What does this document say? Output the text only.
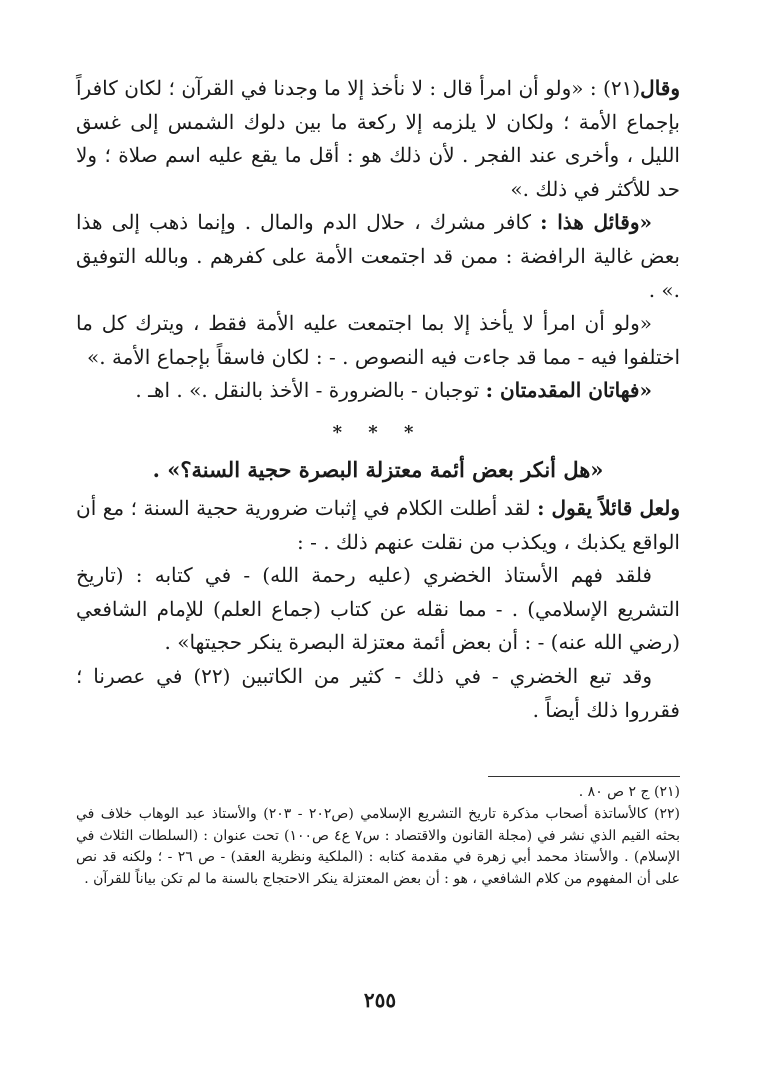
وقال(٢١) : «ولو أن امرأ قال : لا نأخذ إلا ما وجدنا في القرآن ؛ لكان كافراً بإجماع الأمة ؛ ولكان لا يلزمه إلا ركعة ما بين دلوك الشمس إلى غسق الليل ، وأخرى عند الفجر . لأن ذلك هو : أقل ما يقع عليه اسم صلاة ؛ ولا حد للأكثر في ذلك .»

«وقائل هذا : كافر مشرك ، حلال الدم والمال . وإنما ذهب إلى هذا بعض غالية الرافضة : ممن قد اجتمعت الأمة على كفرهم . وبالله التوفيق .» .

«ولو أن امرأ لا يأخذ إلا بما اجتمعت عليه الأمة فقط ، ويترك كل ما اختلفوا فيه - مما قد جاءت فيه النصوص . - : لكان فاسقاً بإجماع الأمة .»

«فهاتان المقدمتان : توجبان - بالضرورة - الأخذ بالنقل .» . اهـ .

* * *
«هل أنكر بعض أئمة معتزلة البصرة حجية السنة؟» .

ولعل قائلاً يقول : لقد أطلت الكلام في إثبات ضرورية حجية السنة ؛ مع أن الواقع يكذبك ، ويكذب من نقلت عنهم ذلك . - :

فلقد فهم الأستاذ الخضري (عليه رحمة الله) - في كتابه : (تاريخ التشريع الإسلامي) . - مما نقله عن كتاب (جماع العلم) للإمام الشافعي (رضي الله عنه) - : أن بعض أئمة معتزلة البصرة ينكر حجيتها» .

وقد تبع الخضري - في ذلك - كثير من الكاتبين (٢٢) في عصرنا ؛ فقرروا ذلك أيضاً .

(٢١) ج ٢ ص ٨٠ .

(٢٢) كالأساتذة أصحاب مذكرة تاريخ التشريع الإسلامي (ص٢٠٢ - ٢٠٣) والأستاذ عبد الوهاب خلاف في بحثه القيم الذي نشر في (مجلة القانون والاقتصاد : س٧ ع٤ ص١٠٠) تحت عنوان : (السلطات الثلاث في الإسلام) . والأستاذ محمد أبي زهرة في مقدمة كتابه : (الملكية ونظرية العقد) - ص ٢٦ - ؛ ولكنه قد نص على أن المفهوم من كلام الشافعي ، هو : أن بعض المعتزلة ينكر الاحتجاج بالسنة ما لم تكن بياناً للقرآن .

٢٥٥
